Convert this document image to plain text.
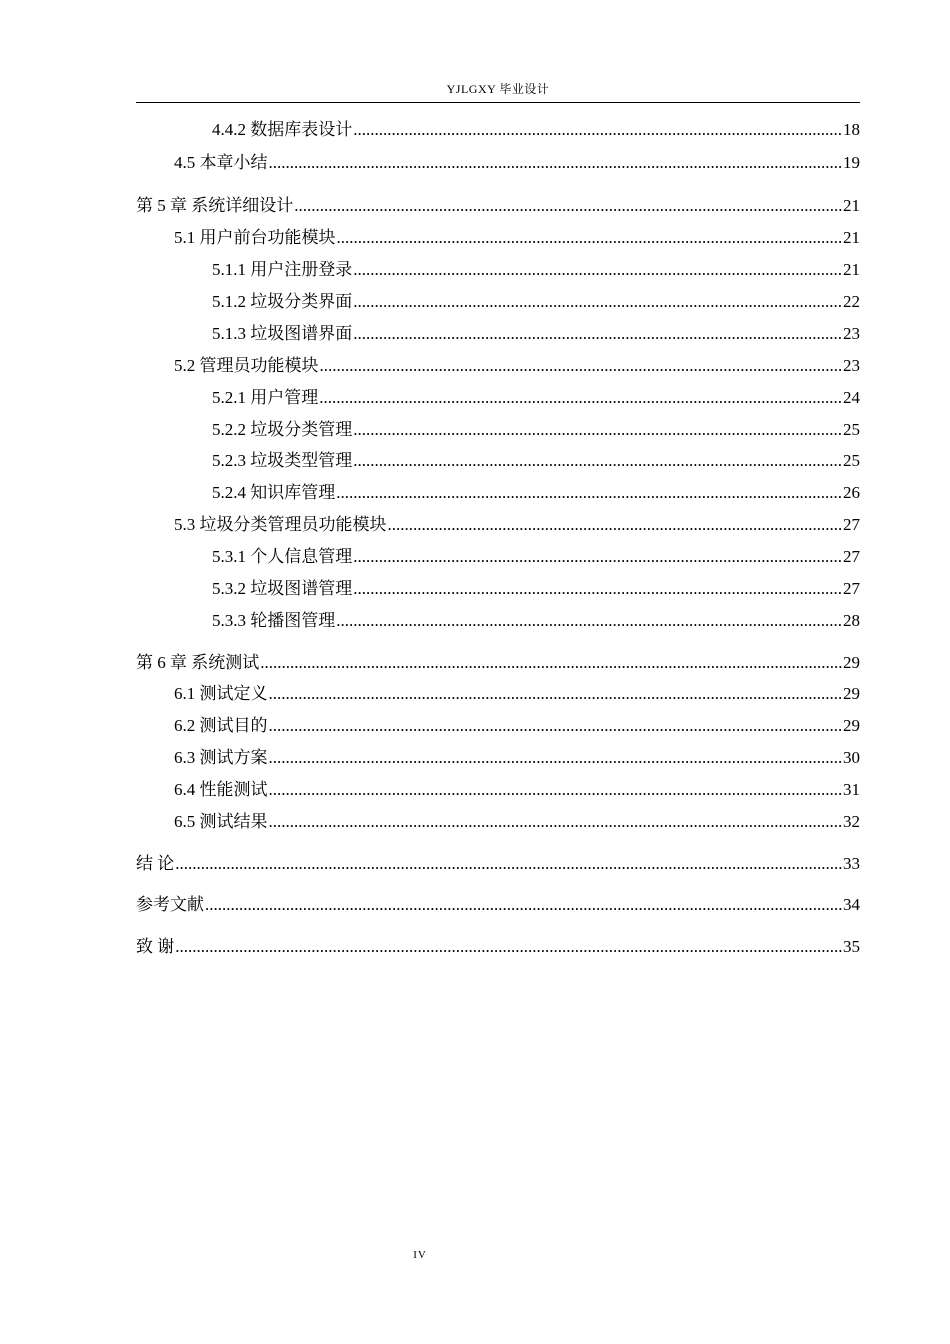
YJLGXY 毕业设计
4.4.2 数据库表设计 .....	18
4.5 本章小结 .....	19
第 5 章 系统详细设计 .....	21
5.1 用户前台功能模块 .....	21
5.1.1 用户注册登录 .....	21
5.1.2 垃圾分类界面 .....	22
5.1.3 垃圾图谱界面 .....	23
5.2 管理员功能模块 .....	23
5.2.1 用户管理 .....	24
5.2.2 垃圾分类管理 .....	25
5.2.3 垃圾类型管理 .....	25
5.2.4 知识库管理 .....	26
5.3 垃圾分类管理员功能模块 .....	27
5.3.1 个人信息管理 .....	27
5.3.2 垃圾图谱管理 .....	27
5.3.3 轮播图管理 .....	28
第 6 章 系统测试 .....	29
6.1 测试定义 .....	29
6.2 测试目的 .....	29
6.3 测试方案 .....	30
6.4 性能测试 .....	31
6.5 测试结果 .....	32
结 论 .....	33
参考文献 .....	34
致 谢 .....	35
IV
